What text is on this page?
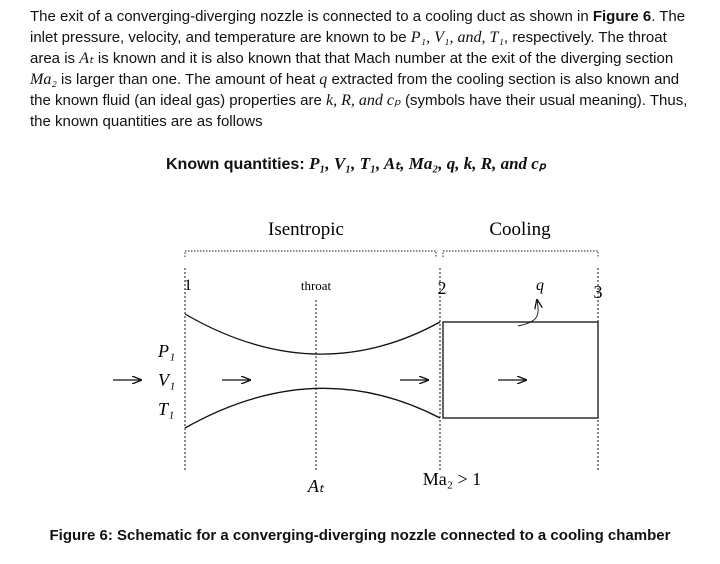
The exit of a converging-diverging nozzle is connected to a cooling duct as shown in Figure 6. The inlet pressure, velocity, and temperature are known to be P₁, V₁, and, T₁, respectively. The throat area is Aₜ is known and it is also known that that Mach number at the exit of the diverging section Ma₂ is larger than one. The amount of heat q extracted from the cooling section is also known and the known fluid (an ideal gas) properties are k, R, and cₚ (symbols have their usual meaning). Thus, the known quantities are as follows

Known quantities: P₁, V₁, T₁, Aₜ, Ma₂, q, k, R, and cₚ
Isentropic	Cooling
1	throat	2	q	3
P₁
V₁
T₁
Aₜ	Ma₂ > 1
Figure 6: Schematic for a converging-diverging nozzle connected to a cooling chamber
